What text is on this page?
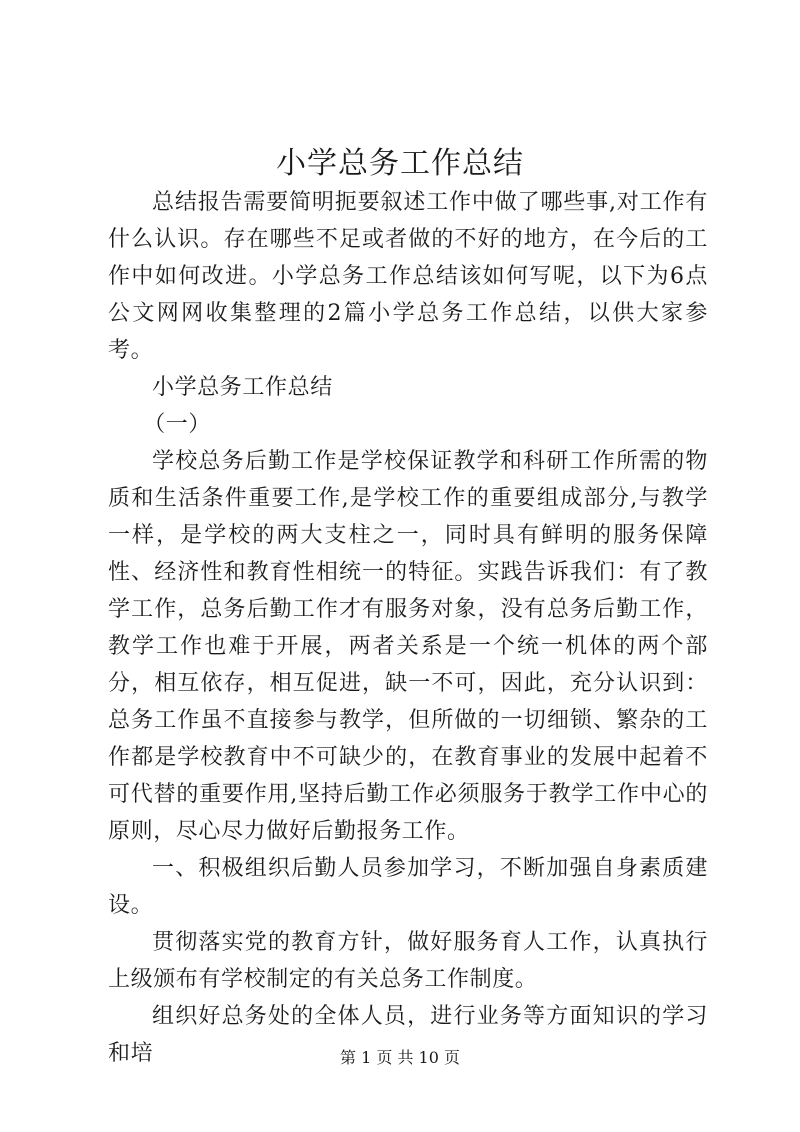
小学总务工作总结

总结报告需要简明扼要叙述工作中做了哪些事,对工作有什么认识。存在哪些不足或者做的不好的地方，在今后的工作中如何改进。小学总务工作总结该如何写呢，以下为6点公文网网收集整理的2篇小学总务工作总结，以供大家参考。

小学总务工作总结

（一）

学校总务后勤工作是学校保证教学和科研工作所需的物质和生活条件重要工作,是学校工作的重要组成部分,与教学一样，是学校的两大支柱之一，同时具有鲜明的服务保障性、经济性和教育性相统一的特征。实践告诉我们：有了教学工作，总务后勤工作才有服务对象，没有总务后勤工作，教学工作也难于开展，两者关系是一个统一机体的两个部分，相互依存，相互促进，缺一不可，因此，充分认识到：总务工作虽不直接参与教学，但所做的一切细锁、繁杂的工作都是学校教育中不可缺少的，在教育事业的发展中起着不可代替的重要作用,坚持后勤工作必须服务于教学工作中心的原则，尽心尽力做好后勤报务工作。

一、积极组织后勤人员参加学习，不断加强自身素质建设。

贯彻落实党的教育方针，做好服务育人工作，认真执行上级颁布有学校制定的有关总务工作制度。

组织好总务处的全体人员，进行业务等方面知识的学习和培	第 1 页 共 10 页
